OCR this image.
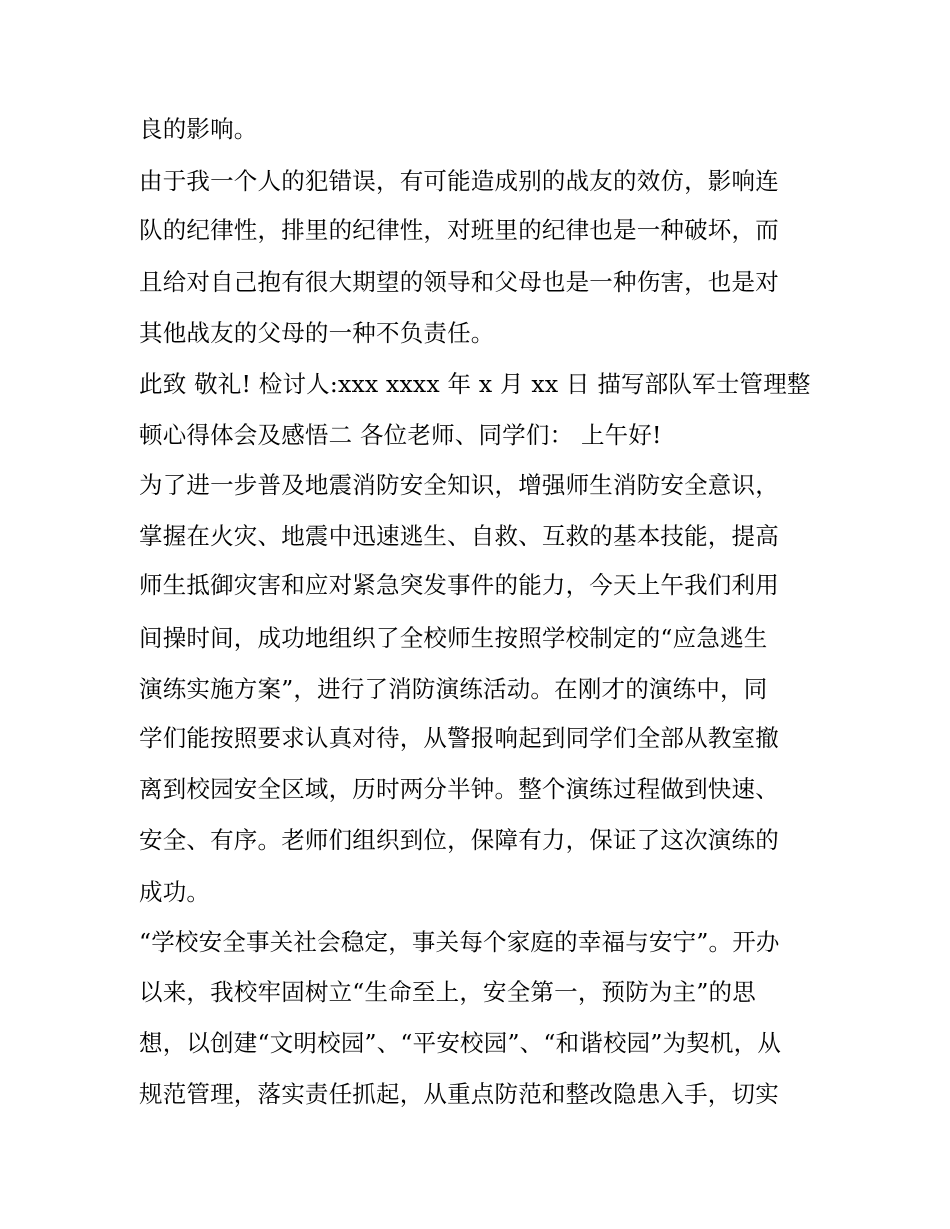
良的影响。
由于我一个人的犯错误，有可能造成别的战友的效仿，影响连
队的纪律性，排里的纪律性，对班里的纪律也是一种破坏，而
且给对自己抱有很大期望的领导和父母也是一种伤害，也是对
其他战友的父母的一种不负责任。
此致 敬礼! 检讨人:xxx xxxx 年 x 月 xx 日 描写部队军士管理整
顿心得体会及感悟二 各位老师、同学们： 上午好!
为了进一步普及地震消防安全知识，增强师生消防安全意识，
掌握在火灾、地震中迅速逃生、自救、互救的基本技能，提高
师生抵御灾害和应对紧急突发事件的能力，今天上午我们利用
间操时间，成功地组织了全校师生按照学校制定的“应急逃生
演练实施方案”，进行了消防演练活动。在刚才的演练中，同
学们能按照要求认真对待，从警报响起到同学们全部从教室撤
离到校园安全区域，历时两分半钟。整个演练过程做到快速、
安全、有序。老师们组织到位，保障有力，保证了这次演练的
成功。
“学校安全事关社会稳定，事关每个家庭的幸福与安宁”。开办
以来，我校牢固树立“生命至上，安全第一，预防为主”的思
想，以创建“文明校园”、“平安校园”、“和谐校园”为契机，从
规范管理，落实责任抓起，从重点防范和整改隐患入手，切实
